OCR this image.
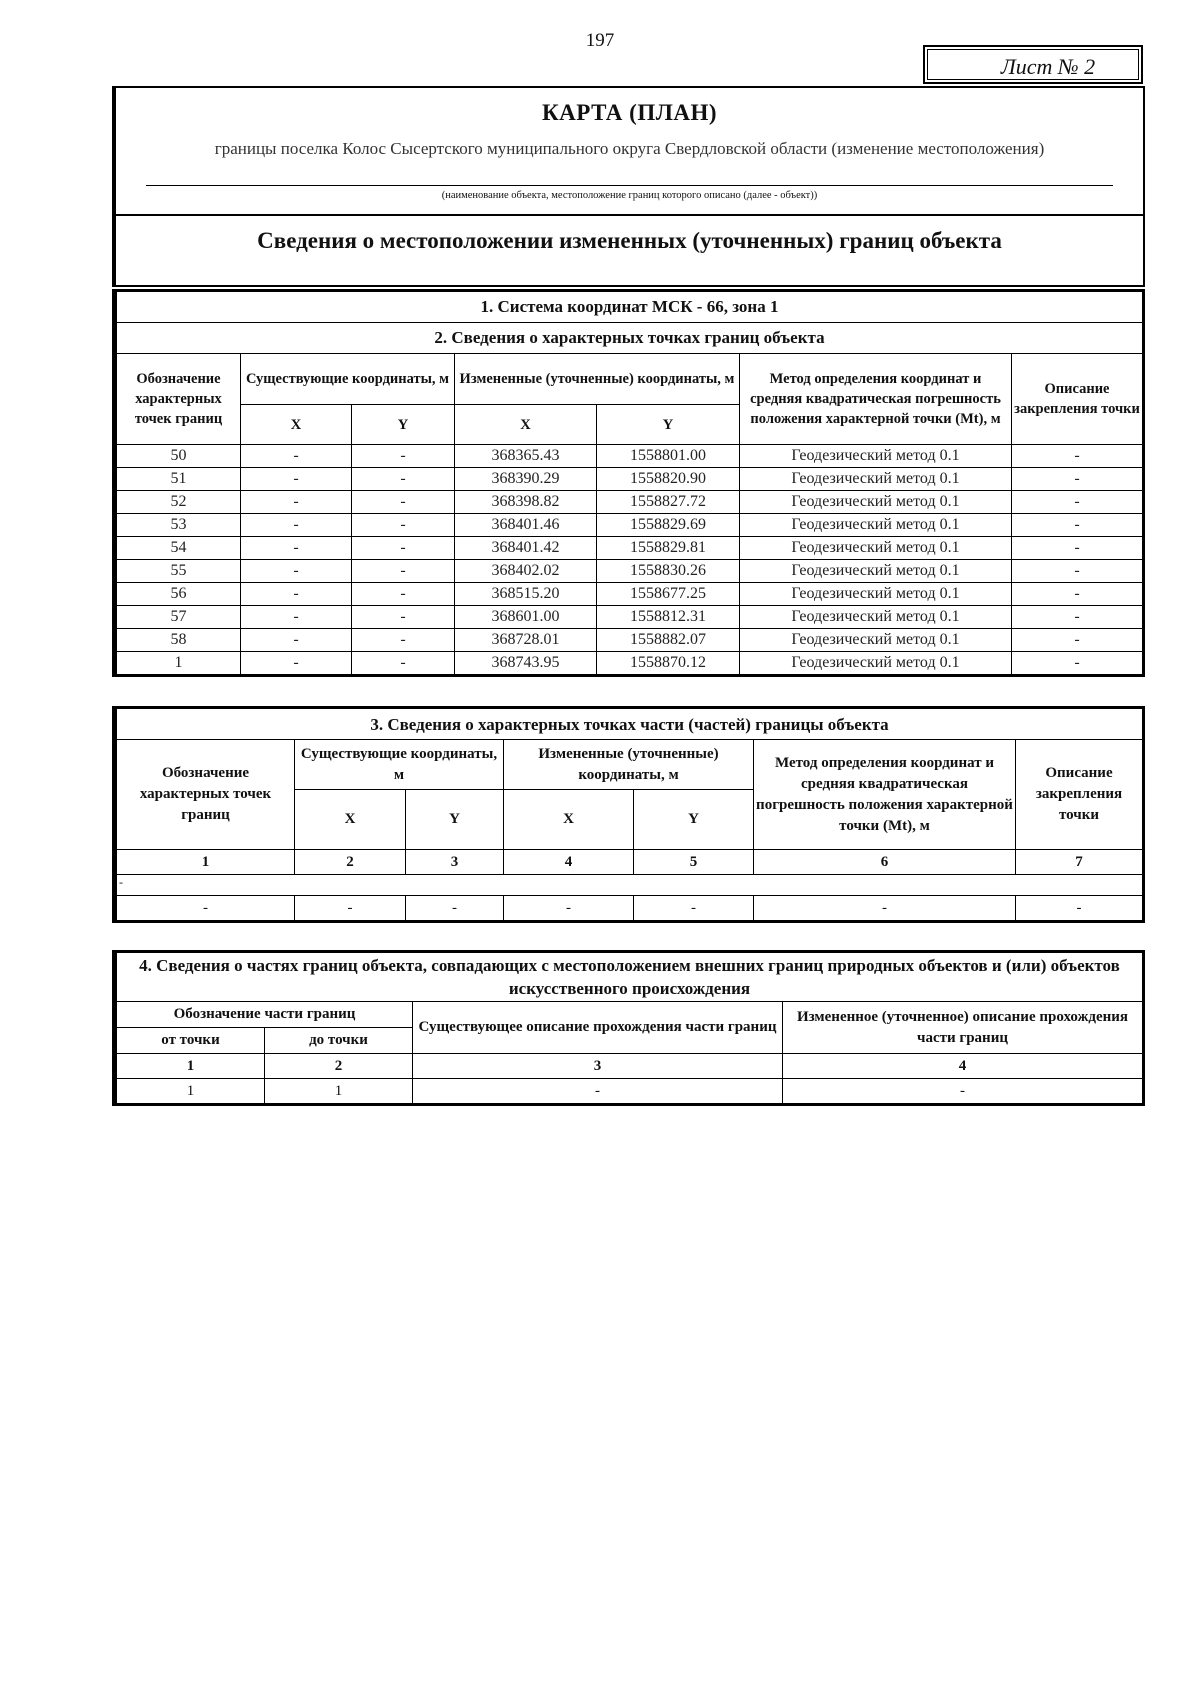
197
Лист № 2
КАРТА (ПЛАН)
границы поселка Колос Сысертского муниципального округа Свердловской области (изменение местоположения)
(наименование объекта, местоположение границ которого описано (далее - объект))
Сведения о местоположении измененных (уточненных) границ объекта
1. Система координат МСК - 66, зона 1						
2. Сведения о характерных точках границ объекта						
Обозначение характерных точек границ	Существующие координаты, м		Измененные (уточненные) координаты, м		Метод определения координат и средняя квадратическая погрешность положения характерной точки (Mt), м	Описание закрепления точки
	X	Y	X	Y		
50	-	-	368365.43	1558801.00	Геодезический метод 0.1	-
51	-	-	368390.29	1558820.90	Геодезический метод 0.1	-
52	-	-	368398.82	1558827.72	Геодезический метод 0.1	-
53	-	-	368401.46	1558829.69	Геодезический метод 0.1	-
54	-	-	368401.42	1558829.81	Геодезический метод 0.1	-
55	-	-	368402.02	1558830.26	Геодезический метод 0.1	-
56	-	-	368515.20	1558677.25	Геодезический метод 0.1	-
57	-	-	368601.00	1558812.31	Геодезический метод 0.1	-
58	-	-	368728.01	1558882.07	Геодезический метод 0.1	-
1	-	-	368743.95	1558870.12	Геодезический метод 0.1	-
3. Сведения о характерных точках части (частей) границы объекта						
Обозначение характерных точек границ	Существующие координаты, м		Измененные (уточненные) координаты, м		Метод определения координат и средняя квадратическая погрешность положения характерной точки (Mt), м	Описание закрепления точки
	X	Y	X	Y		
1	2	3	4	5	6	7
-						
-	-	-	-	-	-	-
4. Сведения о частях границ объекта, совпадающих с местоположением внешних границ природных объектов и (или) объектов искусственного происхождения			
Обозначение части границ		Существующее описание прохождения части границ	Измененное (уточненное) описание прохождения части границ
от точки	до точки		
1	2	3	4
1	1	-	-
